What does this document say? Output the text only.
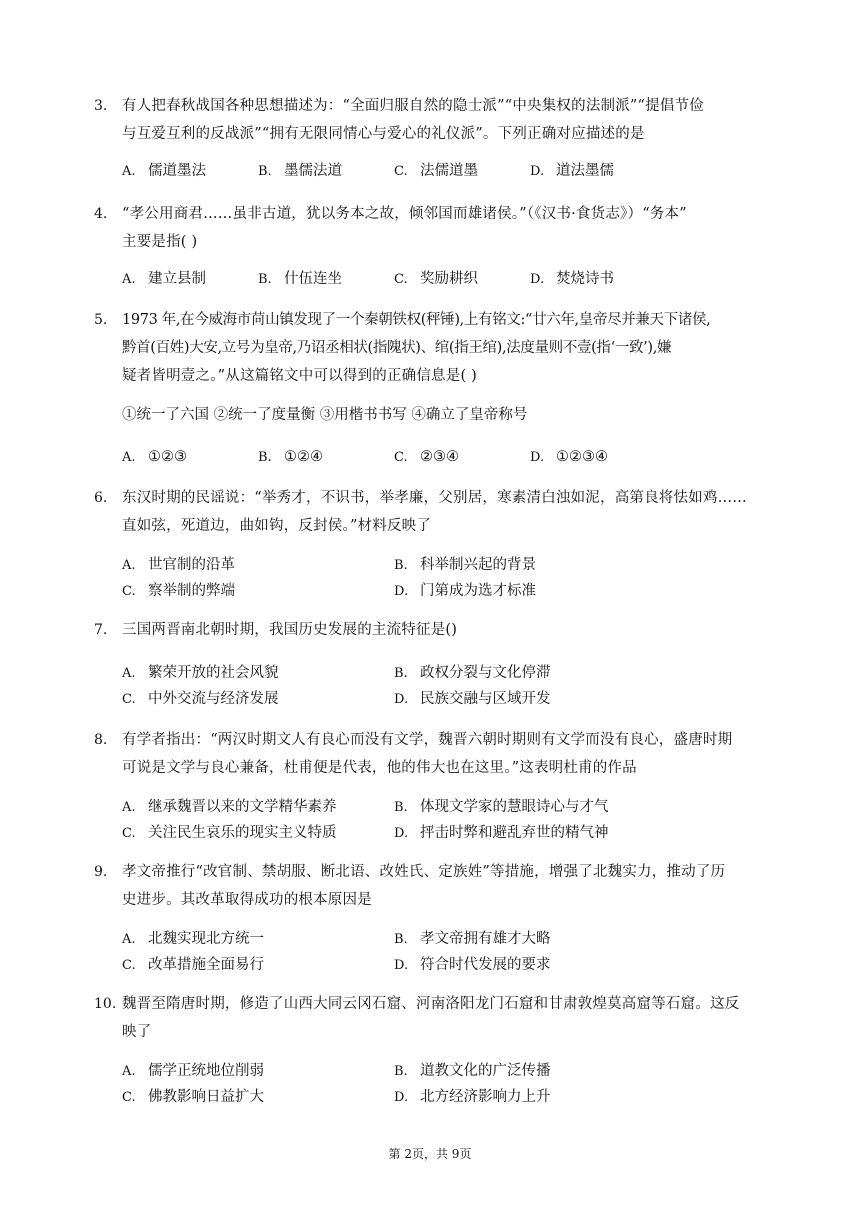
3. 有人把春秋战国各种思想描述为：“全面归服自然的隐士派”“中央集权的法制派”“提倡节俭
与互爱互利的反战派”“拥有无限同情心与爱心的礼仪派”。下列正确对应描述的是
A. 儒道墨法	B. 墨儒法道	C. 法儒道墨	D. 道法墨儒
4. “孝公用商君……虽非古道，犹以务本之故，倾邻国而雄诸侯。”（《汉书·食货志》）“务本”
主要是指( )
A. 建立县制	B. 什伍连坐	C. 奖励耕织	D. 焚烧诗书
5. 1973 年,在今威海市苘山镇发现了一个秦朝铁权(秤锤),上有铭文:“廿六年,皇帝尽并兼天下诸侯,
黔首(百姓)大安,立号为皇帝,乃诏丞相状(指隗状)、绾(指王绾),法度量则不壹(指‘一致’),嫌
疑者皆明壹之。”从这篇铭文中可以得到的正确信息是( )
①统一了六国 ②统一了度量衡 ③用楷书书写 ④确立了皇帝称号
A. ①②③	B. ①②④	C. ②③④	D. ①②③④
6. 东汉时期的民谣说：“举秀才，不识书，举孝廉，父别居，寒素清白浊如泥，高第良将怯如鸡……
直如弦，死道边，曲如钩，反封侯。”材料反映了
A. 世官制的沿革	B. 科举制兴起的背景
C. 察举制的弊端	D. 门第成为选才标准
7. 三国两晋南北朝时期，我国历史发展的主流特征是()
A. 繁荣开放的社会风貌	B. 政权分裂与文化停滞
C. 中外交流与经济发展	D. 民族交融与区域开发
8. 有学者指出：“两汉时期文人有良心而没有文学，魏晋六朝时期则有文学而没有良心，盛唐时期
可说是文学与良心兼备，杜甫便是代表，他的伟大也在这里。”这表明杜甫的作品
A. 继承魏晋以来的文学精华素养	B. 体现文学家的慧眼诗心与才气
C. 关注民生哀乐的现实主义特质	D. 抨击时弊和避乱弃世的精气神
9. 孝文帝推行“改官制、禁胡服、断北语、改姓氏、定族姓”等措施，增强了北魏实力，推动了历
史进步。其改革取得成功的根本原因是
A. 北魏实现北方统一	B. 孝文帝拥有雄才大略
C. 改革措施全面易行	D. 符合时代发展的要求
10. 魏晋至隋唐时期，修造了山西大同云冈石窟、河南洛阳龙门石窟和甘肃敦煌莫高窟等石窟。这反
映了
A. 儒学正统地位削弱	B. 道教文化的广泛传播
C. 佛教影响日益扩大	D. 北方经济影响力上升
第 2页，共 9页
